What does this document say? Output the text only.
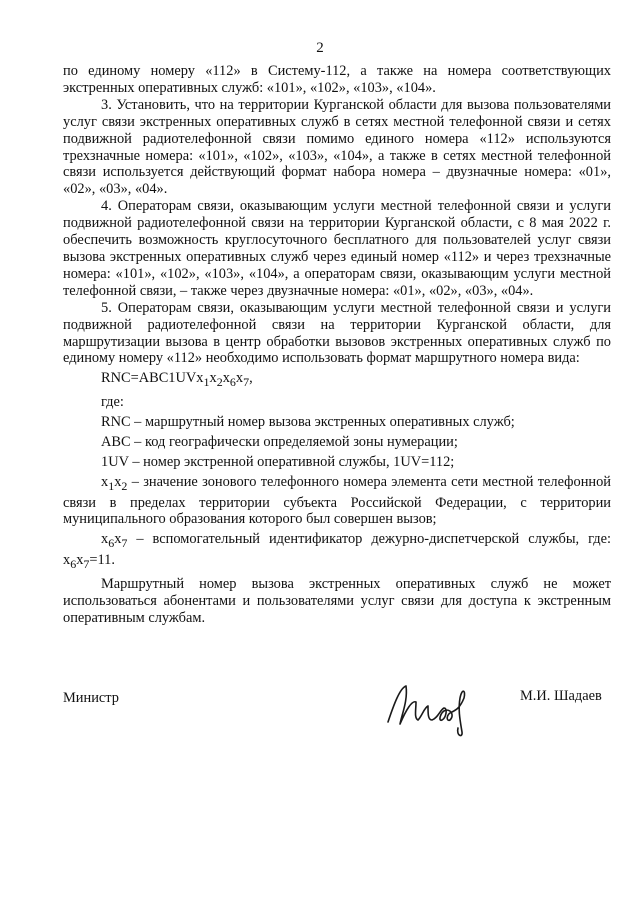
2

по единому номеру «112» в Систему-112, а также на номера соответствующих экстренных оперативных служб: «101», «102», «103», «104».

3. Установить, что на территории Курганской области для вызова пользователями услуг связи экстренных оперативных служб в сетях местной телефонной связи и сетях подвижной радиотелефонной связи помимо единого номера «112» используются трехзначные номера: «101», «102», «103», «104», а также в сетях местной телефонной связи используется действующий формат набора номера – двузначные номера: «01», «02», «03», «04».

4. Операторам связи, оказывающим услуги местной телефонной связи и услуги подвижной радиотелефонной связи на территории Курганской области, с 8 мая 2022 г. обеспечить возможность круглосуточного бесплатного для пользователей услуг связи вызова экстренных оперативных служб через единый номер «112» и через трехзначные номера: «101», «102», «103», «104», а операторам связи, оказывающим услуги местной телефонной связи, – также через двузначные номера: «01», «02», «03», «04».

5. Операторам связи, оказывающим услуги местной телефонной связи и услуги подвижной радиотелефонной связи на территории Курганской области, для маршрутизации вызова в центр обработки вызовов экстренных оперативных служб по единому номеру «112» необходимо использовать формат маршрутного номера вида:

$RNC=ABC1UVx_1x_2x_6x_7$,

где:

RNC – маршрутный номер вызова экстренных оперативных служб;

ABC – код географически определяемой зоны нумерации;

1UV – номер экстренной оперативной службы, 1UV=112;

$x_1x_2$ – значение зонового телефонного номера элемента сети местной телефонной связи в пределах территории субъекта Российской Федерации, с территории муниципального образования которого был совершен вызов;

$x_6x_7$ – вспомогательный идентификатор дежурно-диспетчерской службы, где: $x_6x_7=11$.

Маршрутный номер вызова экстренных оперативных служб не может использоваться абонентами и пользователями услуг связи для доступа к экстренным оперативным службам.

Министр	М.И. Шадаев
